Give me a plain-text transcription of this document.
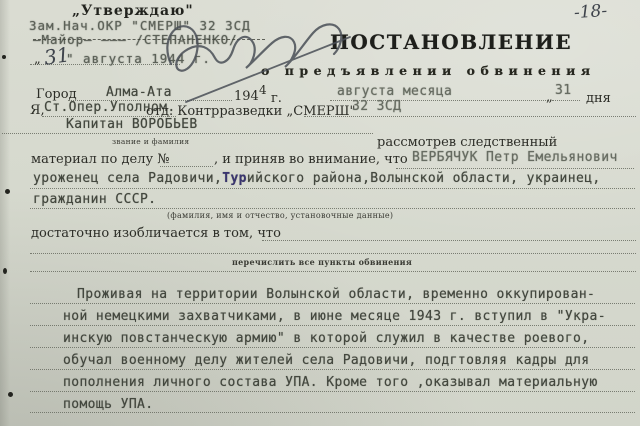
-18-
„Утверждаю"
Зам.Нач.ОКР "СМЕРШ" 32 ЗСД
—Майор— ——— /СТЕПАНЕНКО/
„ 31
" августа 1944 г.
ПОСТАНОВЛЕНИЕ
о предъявлении обвинения
Город Алма-Ата	194 4
г.	августа месяца	„ 31
дня
Я, Ст.Опер.Уполном.
отд. Контрразведки „СМЕРШ"
32 ЗСД
Капитан ВОРОБЬЕВ
звание и фамилия	рассмотрев следственный
материал по делу №	, и приняв во внимание, что ВЕРБЯЧУК Петр Емельянович
уроженец села Радовичи,Турийского района,Волынской области, украинец,
гражданин СССР.
(фамилия, имя и отчество, установочные данные)
достаточно изобличается в том, что
перечислить все пункты обвинения
Проживая на территории Волынской области, временно оккупирован-
ной немецкими захватчиками, в июне месяце 1943 г. вступил в "Укра-
инскую повстанческую армию" в которой служил в качестве роевого,
обучал военному делу жителей села Радовичи, подгтовляя кадры для
пополнения личного состава УПА. Кроме того ,оказывал материальную
помощь УПА.
